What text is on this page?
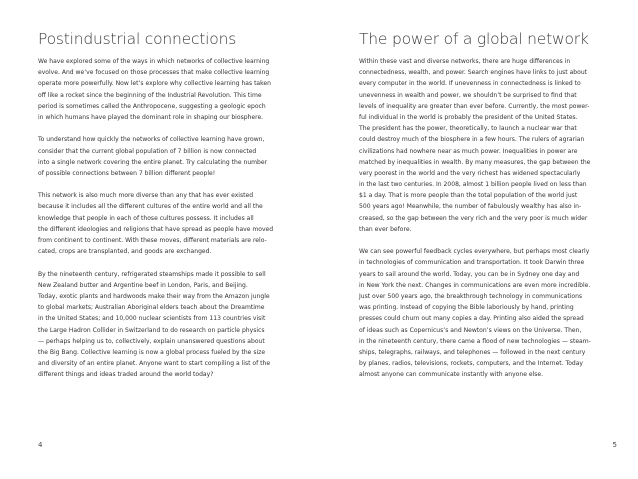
Postindustrial connections
We have explored some of the ways in which networks of collective learning
evolve. And we’ve focused on those processes that make collective learning
operate more powerfully. Now let’s explore why collective learning has taken
off like a rocket since the beginning of the Industrial Revolution. This time
period is sometimes called the Anthropocene, suggesting a geologic epoch
in which humans have played the dominant role in shaping our biosphere.
To understand how quickly the networks of collective learning have grown,
consider that the current global population of 7 billion is now connected
into a single network covering the entire planet. Try calculating the number
of possible connections between 7 billion different people!
This network is also much more diverse than any that has ever existed
because it includes all the different cultures of the entire world and all the
knowledge that people in each of those cultures possess. It includes all
the different ideologies and religions that have spread as people have moved
from continent to continent. With these moves, different materials are relo-
cated, crops are transplanted, and goods are exchanged.
By the nineteenth century, refrigerated steamships made it possible to sell
New Zealand butter and Argentine beef in London, Paris, and Beijing.
Today, exotic plants and hardwoods make their way from the Amazon jungle
to global markets; Australian Aboriginal elders teach about the Dreamtime
in the United States; and 10,000 nuclear scientists from 113 countries visit
the Large Hadron Collider in Switzerland to do research on particle physics
— perhaps helping us to, collectively, explain unanswered questions about
the Big Bang. Collective learning is now a global process fueled by the size
and diversity of an entire planet. Anyone want to start compiling a list of the
different things and ideas traded around the world today?
4
The power of a global network
Within these vast and diverse networks, there are huge differences in
connectedness, wealth, and power. Search engines have links to just about
every computer in the world. If unevenness in connectedness is linked to
unevenness in wealth and power, we shouldn’t be surprised to find that
levels of inequality are greater than ever before. Currently, the most power-
ful individual in the world is probably the president of the United States.
The president has the power, theoretically, to launch a nuclear war that
could destroy much of the biosphere in a few hours. The rulers of agrarian
civilizations had nowhere near as much power. Inequalities in power are
matched by inequalities in wealth. By many measures, the gap between the
very poorest in the world and the very richest has widened spectacularly
in the last two centuries. In 2008, almost 1 billion people lived on less than
$1 a day. That is more people than the total population of the world just
500 years ago! Meanwhile, the number of fabulously wealthy has also in-
creased, so the gap between the very rich and the very poor is much wider
than ever before.
We can see powerful feedback cycles everywhere, but perhaps most clearly
in technologies of communication and transportation. It took Darwin three
years to sail around the world. Today, you can be in Sydney one day and
in New York the next. Changes in communications are even more incredible.
Just over 500 years ago, the breakthrough technology in communications
was printing. Instead of copying the Bible laboriously by hand, printing
presses could churn out many copies a day. Printing also aided the spread
of ideas such as Copernicus’s and Newton’s views on the Universe. Then,
in the nineteenth century, there came a flood of new technologies — steam-
ships, telegraphs, railways, and telephones — followed in the next century
by planes, radios, televisions, rockets, computers, and the Internet. Today
almost anyone can communicate instantly with anyone else.
5
